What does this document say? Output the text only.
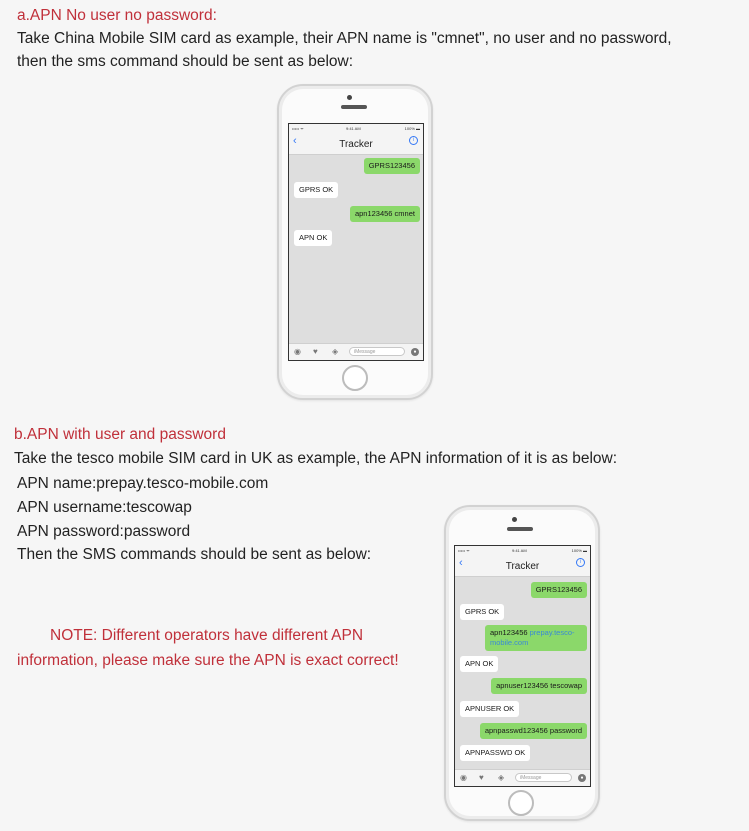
a.APN No user no password:
Take China Mobile SIM card as example, their APN name is "cmnet", no user and no password,
then the sms command should be sent as below:
••••• ᯤ	9:41 AM	100% ▬
‹	Tracker	i
GPRS123456
GPRS OK
apn123456 cmnet
APN OK
◉ ♥ ◈	iMessage	●
b.APN with user and password
Take the tesco mobile SIM card in UK as example, the APN information of it is as below:
APN name:prepay.tesco-mobile.com
APN username:tescowap
APN password:password
Then the SMS commands should be sent as below:
NOTE: Different operators have different APN
information, please make sure the APN is exact correct!
••••• ᯤ	9:41 AM	100% ▬
‹	Tracker	i
GPRS123456
GPRS OK
apn123456 prepay.tesco-mobile.com
APN OK
apnuser123456 tescowap
APNUSER OK
apnpasswd123456 password
APNPASSWD OK
◉ ♥ ◈	iMessage	●
